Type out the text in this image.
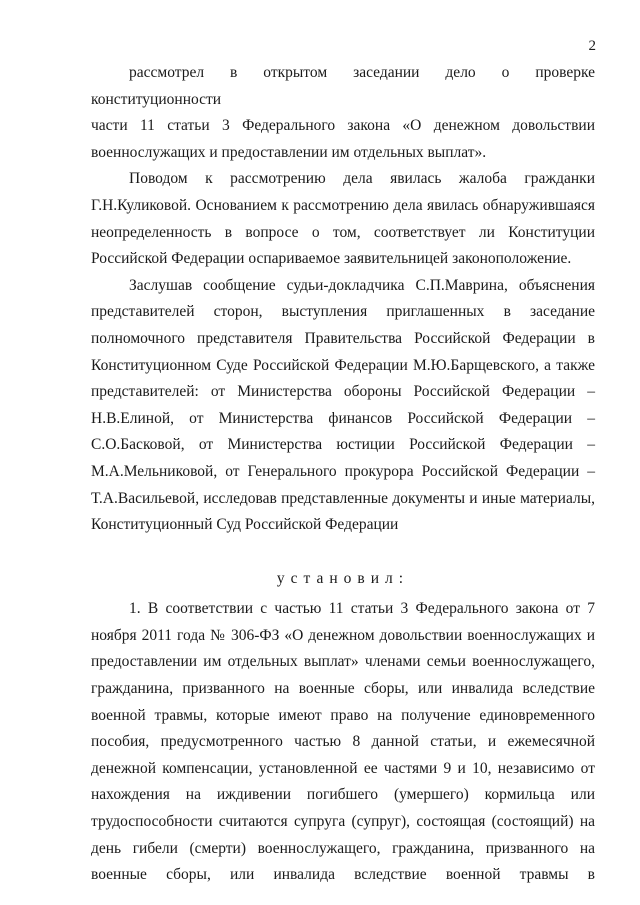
2

рассмотрел в открытом заседании дело о проверке конституционности

части 11 статьи 3 Федерального закона «О денежном довольствии

военнослужащих и предоставлении им отдельных выплат».

Поводом к рассмотрению дела явилась жалоба гражданки

Г.Н.Куликовой. Основанием к рассмотрению дела явилась обнаружившаяся

неопределенность в вопросе о том, соответствует ли Конституции

Российской Федерации оспариваемое заявительницей законоположение.

Заслушав сообщение судьи-докладчика С.П.Маврина, объяснения

представителей сторон, выступления приглашенных в заседание

полномочного представителя Правительства Российской Федерации в

Конституционном Суде Российской Федерации М.Ю.Барщевского, а также

представителей: от Министерства обороны Российской Федерации –

Н.В.Елиной, от Министерства финансов Российской Федерации –

С.О.Басковой, от Министерства юстиции Российской Федерации –

М.А.Мельниковой, от Генерального прокурора Российской Федерации –

Т.А.Васильевой, исследовав представленные документы и иные материалы,

Конституционный Суд Российской Федерации

установил:

1. В соответствии с частью 11 статьи 3 Федерального закона от 7

ноября 2011 года № 306-ФЗ «О денежном довольствии военнослужащих и

предоставлении им отдельных выплат» членами семьи военнослужащего,

гражданина, призванного на военные сборы, или инвалида вследствие

военной травмы, которые имеют право на получение единовременного

пособия, предусмотренного частью 8 данной статьи, и ежемесячной

денежной компенсации, установленной ее частями 9 и 10, независимо от

нахождения на иждивении погибшего (умершего) кормильца или

трудоспособности считаются супруга (супруг), состоящая (состоящий) на

день гибели (смерти) военнослужащего, гражданина, призванного на

военные сборы, или инвалида вследствие военной травмы в
